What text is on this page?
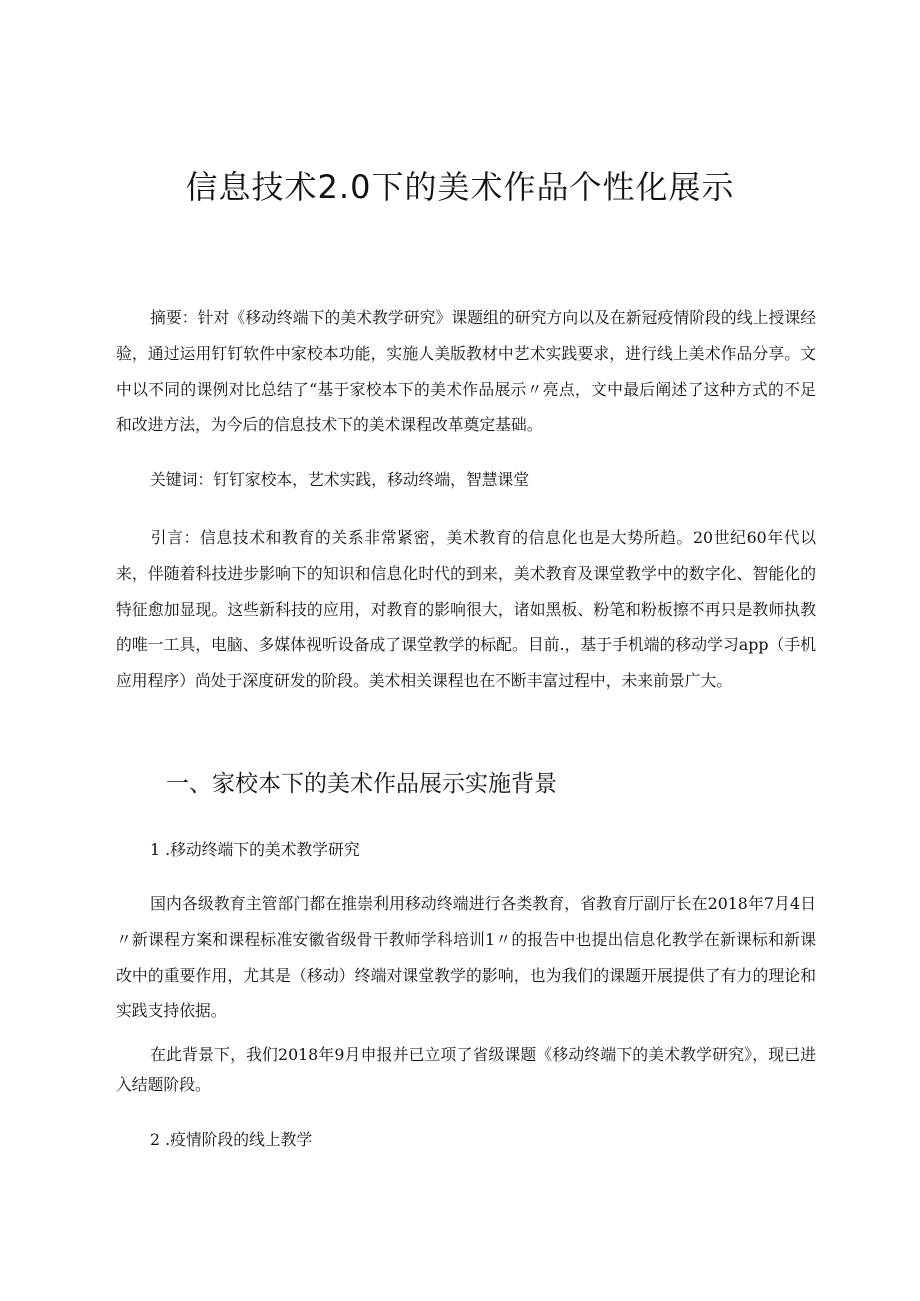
信息技术2.0下的美术作品个性化展示
摘要：针对《移动终端下的美术教学研究》课题组的研究方向以及在新冠疫情阶段的线上授课经验，通过运用钉钉软件中家校本功能，实施人美版教材中艺术实践要求，进行线上美术作品分享。文中以不同的课例对比总结了“基于家校本下的美术作品展示〃亮点，文中最后阐述了这种方式的不足和改进方法，为今后的信息技术下的美术课程改革奠定基础。
关键词：钉钉家校本，艺术实践，移动终端，智慧课堂
引言：信息技术和教育的关系非常紧密，美术教育的信息化也是大势所趋。20世纪60年代以来，伴随着科技进步影响下的知识和信息化时代的到来，美术教育及课堂教学中的数字化、智能化的特征愈加显现。这些新科技的应用，对教育的影响很大，诸如黑板、粉笔和粉板擦不再只是教师执教的唯一工具，电脑、多媒体视听设备成了课堂教学的标配。目前.，基于手机端的移动学习app（手机应用程序）尚处于深度研发的阶段。美术相关课程也在不断丰富过程中，未来前景广大。
一、家校本下的美术作品展示实施背景
1 .移动终端下的美术教学研究
国内各级教育主管部门都在推崇利用移动终端进行各类教育，省教育厅副厅长在2018年7月4日〃新课程方案和课程标准安徽省级骨干教师学科培训1〃的报告中也提出信息化教学在新课标和新课改中的重要作用，尤其是（移动）终端对课堂教学的影响，也为我们的课题开展提供了有力的理论和实践支持依据。
在此背景下，我们2018年9月申报并已立项了省级课题《移动终端下的美术教学研究》，现已进入结题阶段。
2 .疫情阶段的线上教学
